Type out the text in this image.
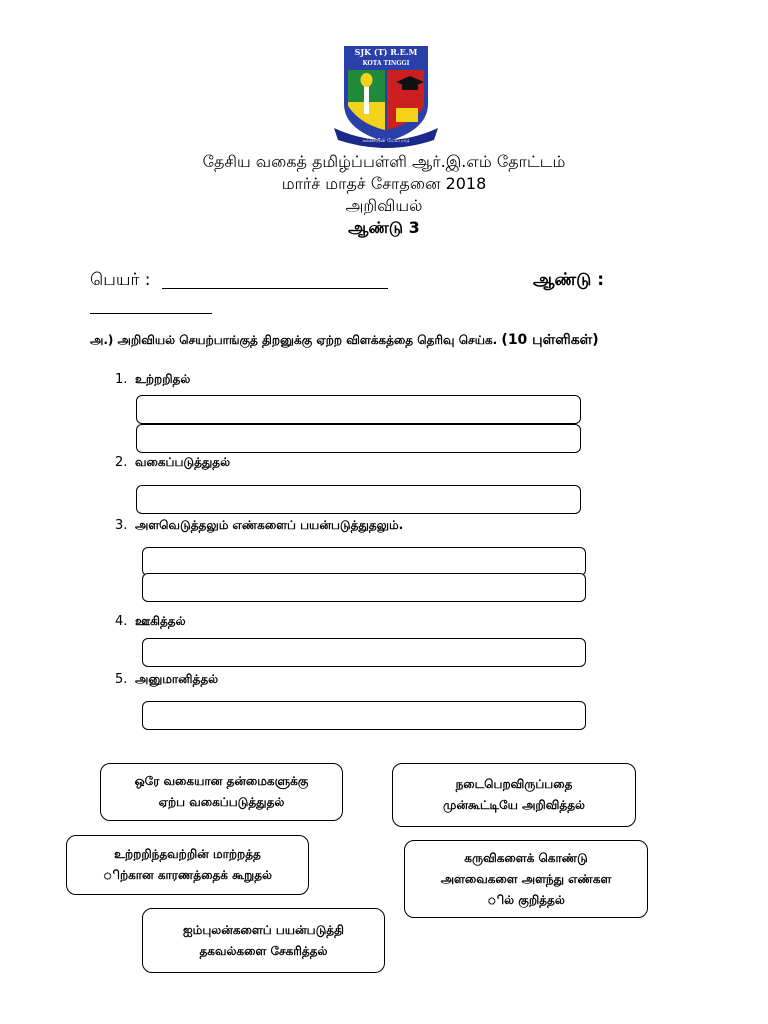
SJK (T) R.E.M
KOTA TINGGI
கல்வியின் மேம்பாடு
தேசிய வகைத் தமிழ்ப்பள்ளி ஆர்.இ.எம் தோட்டம்
மார்ச் மாதச் சோதனை 2018
அறிவியல்
ஆண்டு 3
பெயர் :	ஆண்டு :
அ.) அறிவியல் செயற்பாங்குத் திறனுக்கு ஏற்ற விளக்கத்தை தெரிவு செய்க. (10 புள்ளிகள்)
1. உற்றறிதல்
2. வகைப்படுத்துதல்
3. அளவெடுத்தலும் எண்களைப் பயன்படுத்துதலும்.
4. ஊகித்தல்
5. அனுமானித்தல்
ஒரே வகையான தன்மைகளுக்கு
ஏற்ப வகைப்படுத்துதல்
நடைபெறவிருப்பதை
முன்கூட்டியே அறிவித்தல்
உற்றறிந்தவற்றின் மாற்றத்த
ிற்கான காரணத்தைக் கூறுதல்
கருவிகளைக் கொண்டு
அளவைகளை அளந்து எண்கள
ில் குறித்தல்
ஐம்புலன்களைப் பயன்படுத்தி
தகவல்களை சேகரித்தல்
